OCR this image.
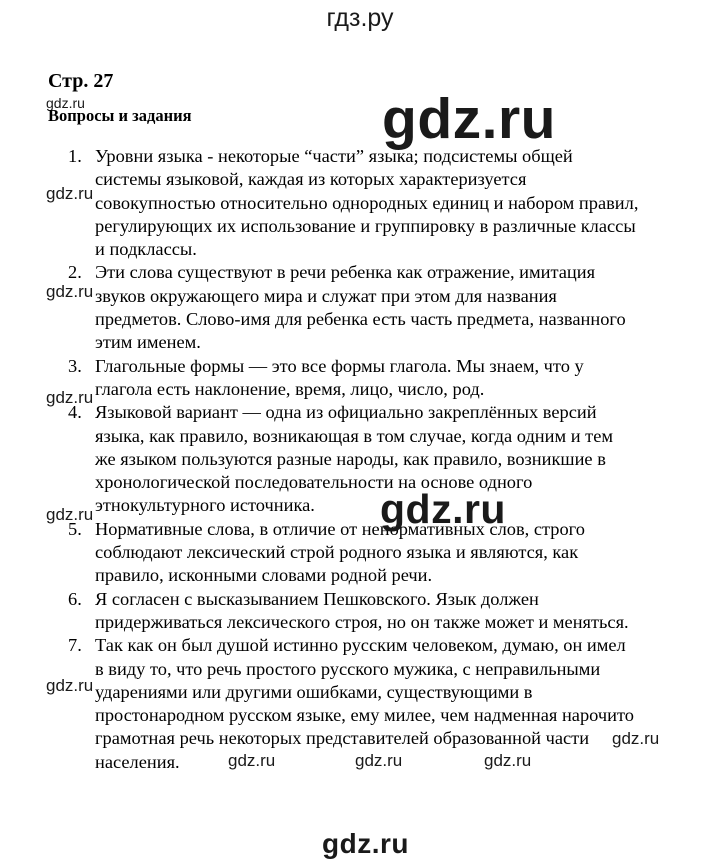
гдз.ру
Стр. 27
gdz.ru
Вопросы и задания
1. Уровни языка - некоторые “части” языка; подсистемы общей
системы языковой, каждая из которых характеризуется
совокупностью относительно однородных единиц и набором правил,
регулирующих их использование и группировку в различные классы
и подклассы.
2. Эти слова существуют в речи ребенка как отражение, имитация
звуков окружающего мира и служат при этом для названия
предметов. Слово-имя для ребенка есть часть предмета, названного
этим именем.
3. Глагольные формы — это все формы глагола. Мы знаем, что у
глагола есть наклонение, время, лицо, число, род.
4. Языковой вариант — одна из официально закреплённых версий
языка, как правило, возникающая в том случае, когда одним и тем
же языком пользуются разные народы, как правило, возникшие в
хронологической последовательности на основе одного
этнокультурного источника.
5. Нормативные слова, в отличие от ненормативных слов, строго
соблюдают лексический строй родного языка и являются, как
правило, исконными словами родной речи.
6. Я согласен с высказыванием Пешковского. Язык должен
придерживаться лексического строя, но он также может и меняться.
7. Так как он был душой истинно русским человеком, думаю, он имел
в виду то, что речь простого русского мужика, с неправильными
ударениями или другими ошибками, существующими в
простонародном русском языке, ему милее, чем надменная нарочито
грамотная речь некоторых представителей образованной части
населения.
gdz.ru
gdz.ru
gdz.ru
gdz.ru
gdz.ru
gdz.ru
gdz.ru
gdz.ru
gdz.ru
gdz.ru	gdz.ru	gdz.ru
